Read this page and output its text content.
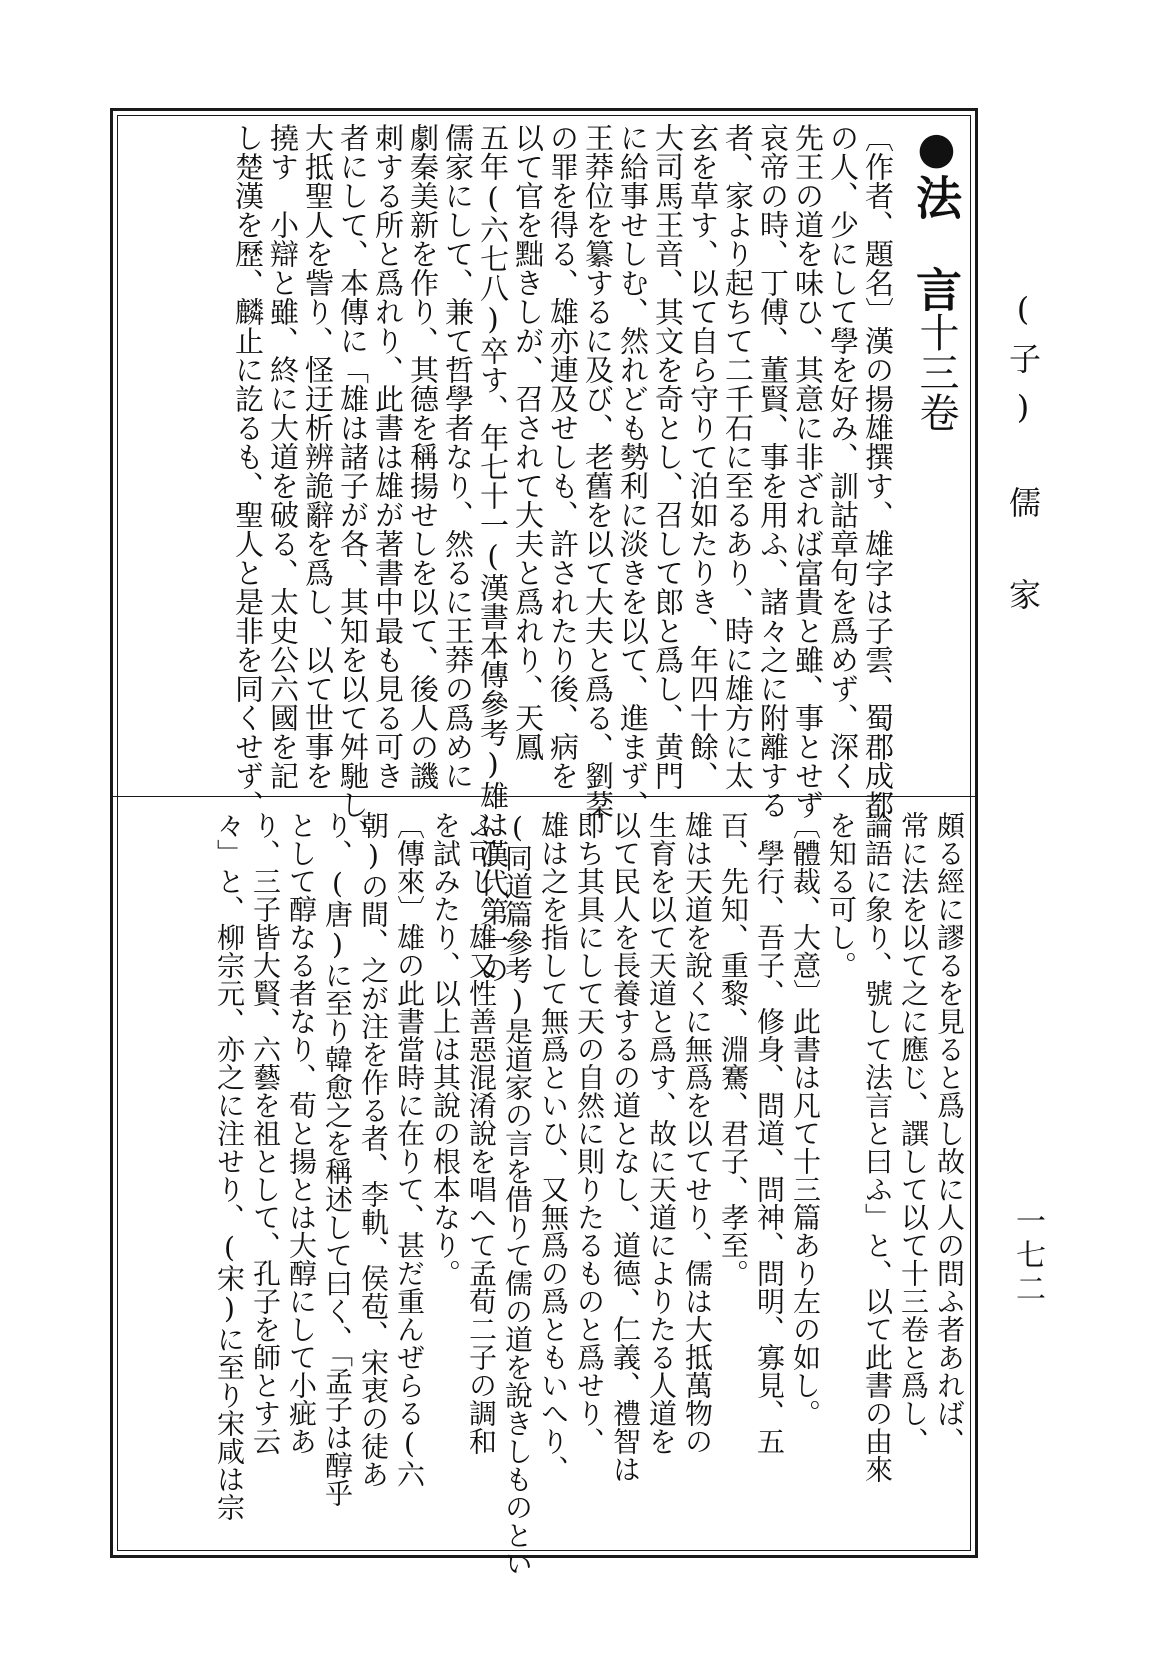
(子)　儒　家
一七二
●法　言十三卷
〔作者、題名〕漢の揚雄撰す、雄字は子雲、蜀郡成都
の人、少にして學を好み、訓詁章句を爲めず、深く
先王の道を味ひ、其意に非ざれば富貴と雖、事とせず
哀帝の時、丁傅、董賢、事を用ふ、諸々之に附離する
者、家より起ちて二千石に至るあり、時に雄方に太
玄を草す、以て自ら守りて泊如たりき、年四十餘、
大司馬王音、其文を奇とし、召して郎と爲し、黄門
に給事せしむ、然れども勢利に淡きを以て、進まず、
王莽位を纂するに及び、老舊を以て大夫と爲る、劉棻
の罪を得る、雄亦連及せしも、許されたり後、病を
以て官を黜きしが、召されて大夫と爲れり、天鳳
五年(六七八)卒す、年七十一(漢書本傳參考)雄は漢代第一の
儒家にして、兼て哲學者なり、然るに王莽の爲めに
劇秦美新を作り、其德を稱揚せしを以て、後人の譏
刺する所と爲れり、此書は雄が著書中最も見る可き
者にして、本傳に「雄は諸子が各、其知を以て舛馳し、
大抵聖人を訾り、怪迂析辨詭辭を爲し、以て世事を
撓す　小辯と雖、終に大道を破る、太史公六國を記
し楚漢を歷、麟止に訖るも、聖人と是非を同くせず、
頗る經に謬るを見ると爲し故に人の問ふ者あれば、
常に法を以て之に應じ、譔して以て十三卷と爲し、
論語に象り、號して法言と曰ふ」と、以て此書の由來
を知る可し。
〔體裁、大意〕此書は凡て十三篇あり左の如し。
　學行、吾子、修身、問道、問神、問明、寡見、五
百、先知、重黎、淵騫、君子、孝至。
雄は天道を說くに無爲を以てせり、儒は大抵萬物の
生育を以て天道と爲す、故に天道によりたる人道を
以て民人を長養するの道となし、道德、仁義、禮智は
即ち其具にして天の自然に則りたるものと爲せり、
雄は之を指して無爲といひ、又無爲の爲ともいへり、
(同道篇參考)是道家の言を借りて儒の道を說きしものとい
ふ可し、雄又性善惡混淆說を唱へて孟荀二子の調和
を試みたり、以上は其說の根本なり。
〔傳來〕雄の此書當時に在りて、甚だ重んぜらる(六
朝)の間、之が注を作る者、李軌、侯苞、宋衷の徒あ
り、(唐)に至り韓愈之を稱述して曰く、「孟子は醇乎
として醇なる者なり、荀と揚とは大醇にして小疵あ
り、三子皆大賢、六藝を祖として、孔子を師とす云
々」と、柳宗元、亦之に注せり、(宋)に至り宋咸は宗
